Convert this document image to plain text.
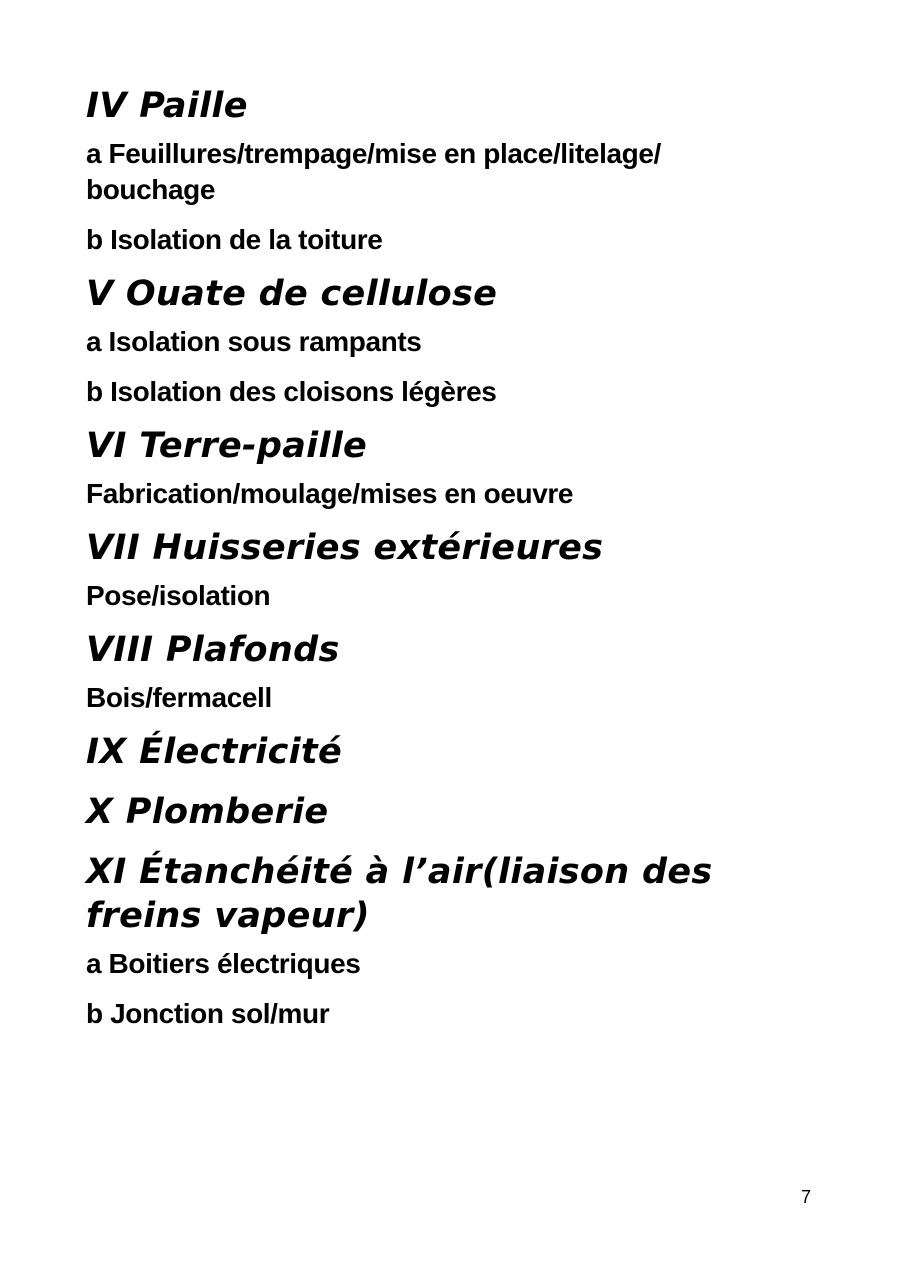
IV Paille

a Feuillures/trempage/mise en place/litelage/ bouchage

b Isolation de la toiture

V Ouate de cellulose

a Isolation sous rampants

b Isolation des cloisons légères

VI Terre-paille

Fabrication/moulage/mises en oeuvre

VII Huisseries extérieures

Pose/isolation

VIII Plafonds

Bois/fermacell

IX Électricité
X Plomberie
XI Étanchéité à l’air(liaison des freins vapeur)

a Boitiers électriques

b Jonction sol/mur

7
